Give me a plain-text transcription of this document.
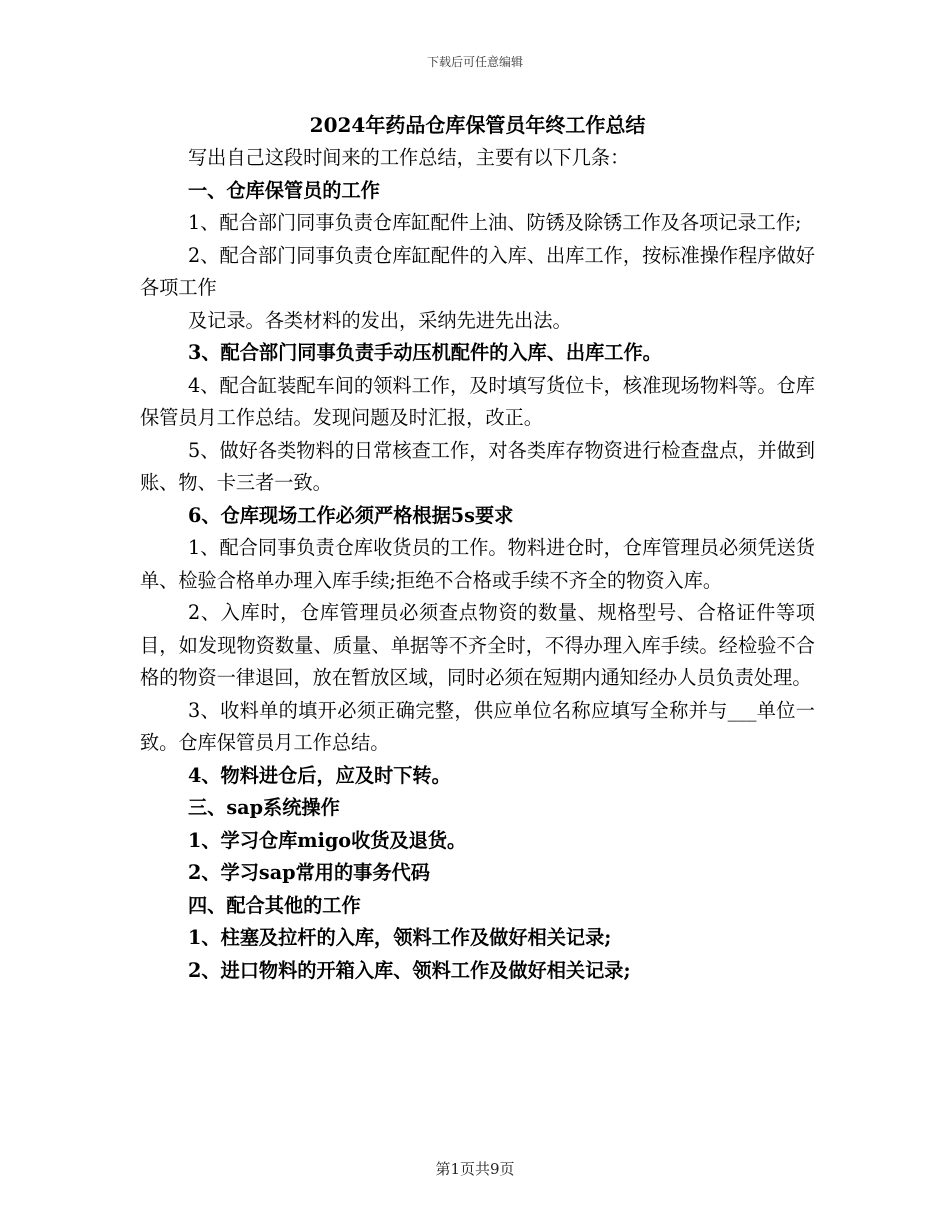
下载后可任意编辑
2024年药品仓库保管员年终工作总结

写出自己这段时间来的工作总结，主要有以下几条：

一、仓库保管员的工作

1、配合部门同事负责仓库缸配件上油、防锈及除锈工作及各项记录工作;

2、配合部门同事负责仓库缸配件的入库、出库工作，按标准操作程序做好各项工作

及记录。各类材料的发出，采纳先进先出法。

3、配合部门同事负责手动压机配件的入库、出库工作。

4、配合缸装配车间的领料工作，及时填写货位卡，核准现场物料等。仓库保管员月工作总结。发现问题及时汇报，改正。

5、做好各类物料的日常核查工作，对各类库存物资进行检查盘点，并做到账、物、卡三者一致。

6、仓库现场工作必须严格根据5s要求

1、配合同事负责仓库收货员的工作。物料进仓时，仓库管理员必须凭送货单、检验合格单办理入库手续;拒绝不合格或手续不齐全的物资入库。

2、入库时，仓库管理员必须查点物资的数量、规格型号、合格证件等项目，如发现物资数量、质量、单据等不齐全时，不得办理入库手续。经检验不合格的物资一律退回，放在暂放区域，同时必须在短期内通知经办人员负责处理。

3、收料单的填开必须正确完整，供应单位名称应填写全称并与___单位一致。仓库保管员月工作总结。

4、物料进仓后，应及时下转。

三、sap系统操作

1、学习仓库migo收货及退货。

2、学习sap常用的事务代码

四、配合其他的工作

1、柱塞及拉杆的入库，领料工作及做好相关记录;

2、进口物料的开箱入库、领料工作及做好相关记录;

第1页共9页
